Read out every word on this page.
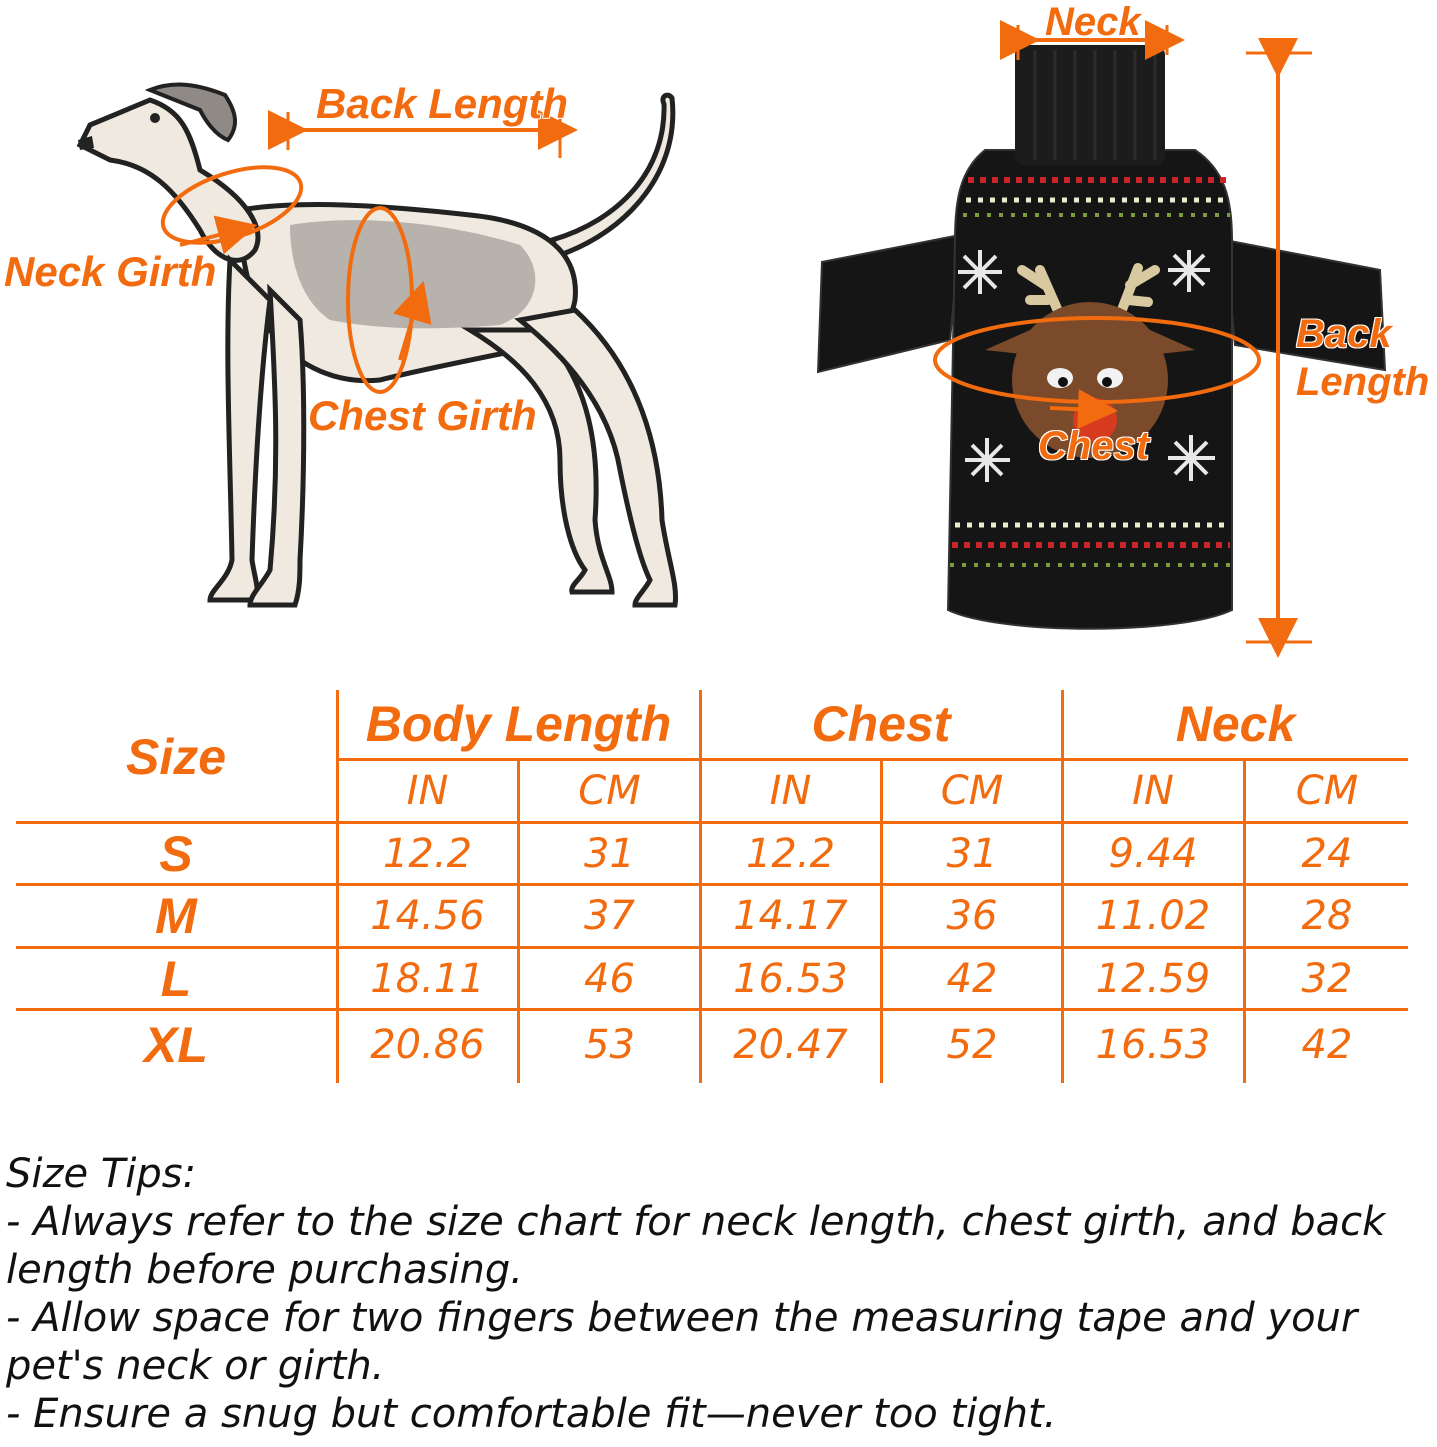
Back Length
Neck Girth
Chest Girth
Neck
Back
Length
Chest
Size
Body Length	Chest	Neck
IN	CM	IN	CM	IN	CM
S	12.2	31	12.2	31	9.44	24
M	14.56	37	14.17	36	11.02	28
L	18.11	46	16.53	42	12.59	32
XL	20.86	53	20.47	52	16.53	42
Size Tips:
- Always refer to the size chart for neck length, chest girth, and back length before purchasing.
- Allow space for two fingers between the measuring tape and your pet's neck or girth.
- Ensure a snug but comfortable fit—never too tight.
